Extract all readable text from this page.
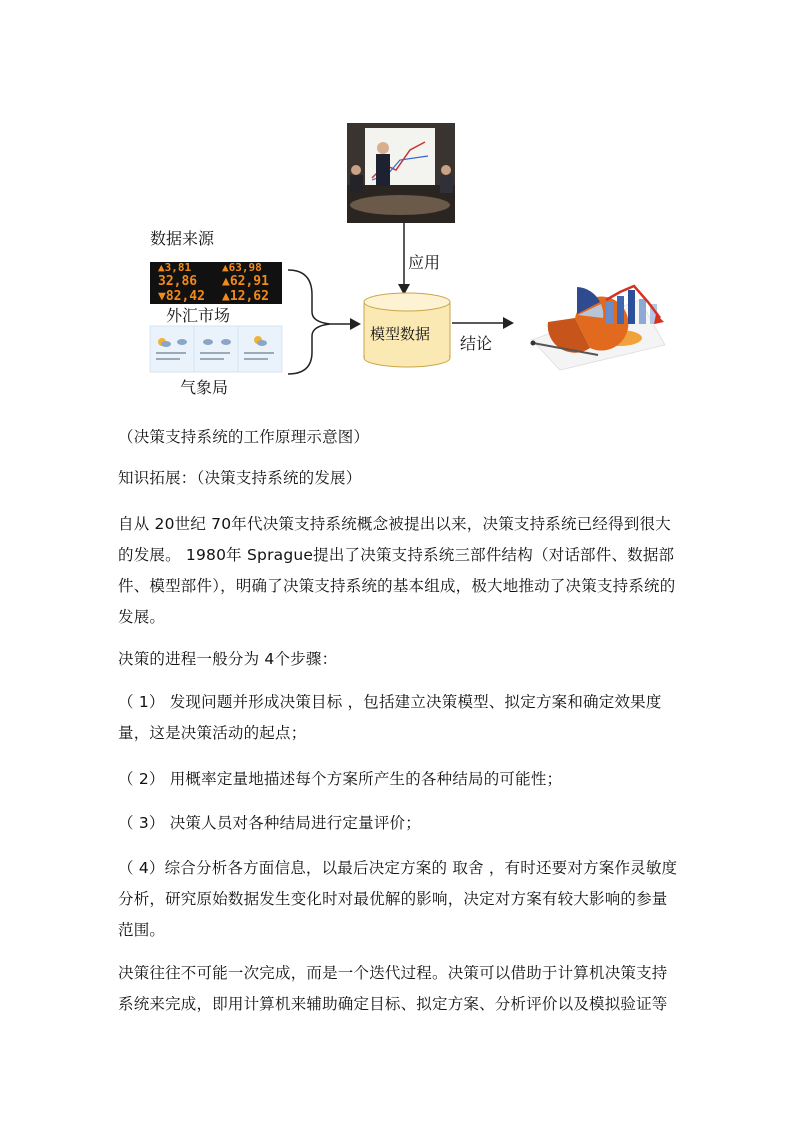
应用
数据来源
▲3,81	▲63,98
32,86 ▲62,91
▼82,42 ▲12,62
外汇市场
气象局
模型数据 结论

（决策支持系统的工作原理示意图）

知识拓展：（决策支持系统的发展）

自从 20世纪 70年代决策支持系统概念被提出以来，决策支持系统已经得到很大的发展。 1980年 Sprague提出了决策支持系统三部件结构（对话部件、数据部件、模型部件），明确了决策支持系统的基本组成，极大地推动了决策支持系统的发展。

决策的进程一般分为 4个步骤：

（ 1） 发现问题并形成决策目标 ，包括建立决策模型、拟定方案和确定效果度量，这是决策活动的起点；

（ 2） 用概率定量地描述每个方案所产生的各种结局的可能性；

（ 3） 决策人员对各种结局进行定量评价；

（ 4）综合分析各方面信息，以最后决定方案的 取舍 ，有时还要对方案作灵敏度分析，研究原始数据发生变化时对最优解的影响，决定对方案有较大影响的参量范围。

决策往往不可能一次完成，而是一个迭代过程。决策可以借助于计算机决策支持系统来完成，即用计算机来辅助确定目标、拟定方案、分析评价以及模拟验证等
